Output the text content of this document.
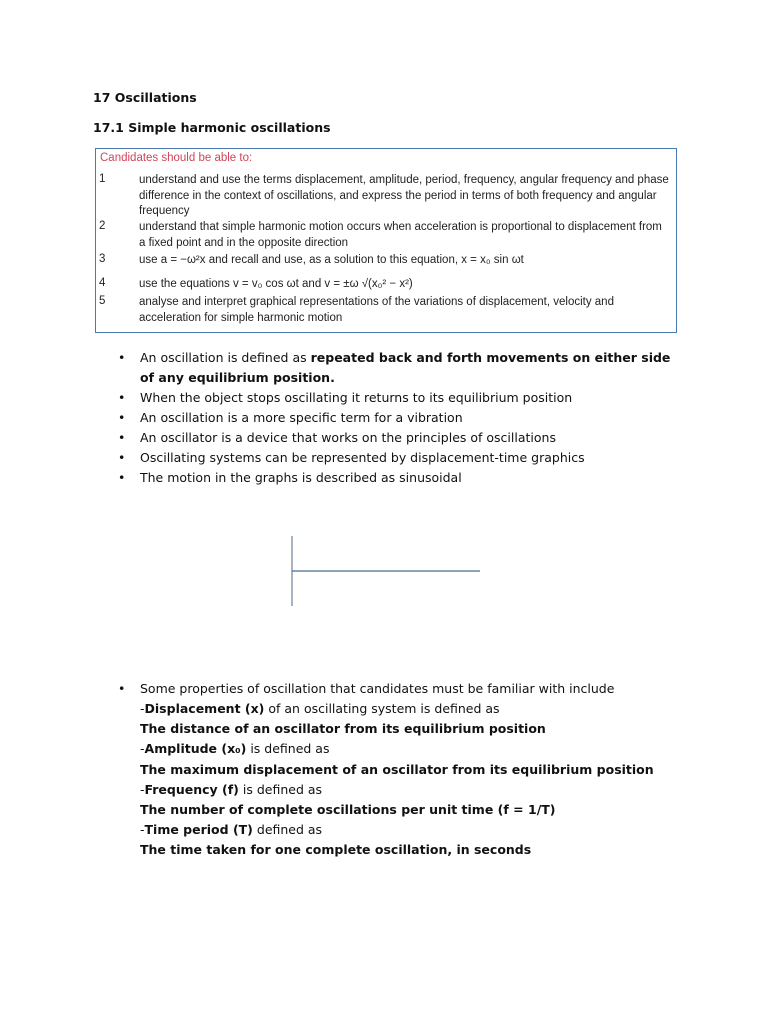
17 Oscillations
17.1 Simple harmonic oscillations
Candidates should be able to:
1	understand and use the terms displacement, amplitude, period, frequency, angular frequency and phase difference in the context of oscillations, and express the period in terms of both frequency and angular frequency
2	understand that simple harmonic motion occurs when acceleration is proportional to displacement from a fixed point and in the opposite direction
3	use a = −ω²x and recall and use, as a solution to this equation, x = x₀ sin ωt
4	use the equations v = v₀ cos ωt and v = ±ω √(x₀² − x²)
5	analyse and interpret graphical representations of the variations of displacement, velocity and acceleration for simple harmonic motion
• An oscillation is defined as repeated back and forth movements on either side of any equilibrium position.
• When the object stops oscillating it returns to its equilibrium position
• An oscillation is a more specific term for a vibration
• An oscillator is a device that works on the principles of oscillations
• Oscillating systems can be represented by displacement-time graphics
• The motion in the graphs is described as sinusoidal
• Some properties of oscillation that candidates must be familiar with include
-Displacement (x) of an oscillating system is defined as
The distance of an oscillator from its equilibrium position
-Amplitude (x₀) is defined as
The maximum displacement of an oscillator from its equilibrium position
-Frequency (f) is defined as
The number of complete oscillations per unit time (f = 1/T)
-Time period (T) defined as
The time taken for one complete oscillation, in seconds
